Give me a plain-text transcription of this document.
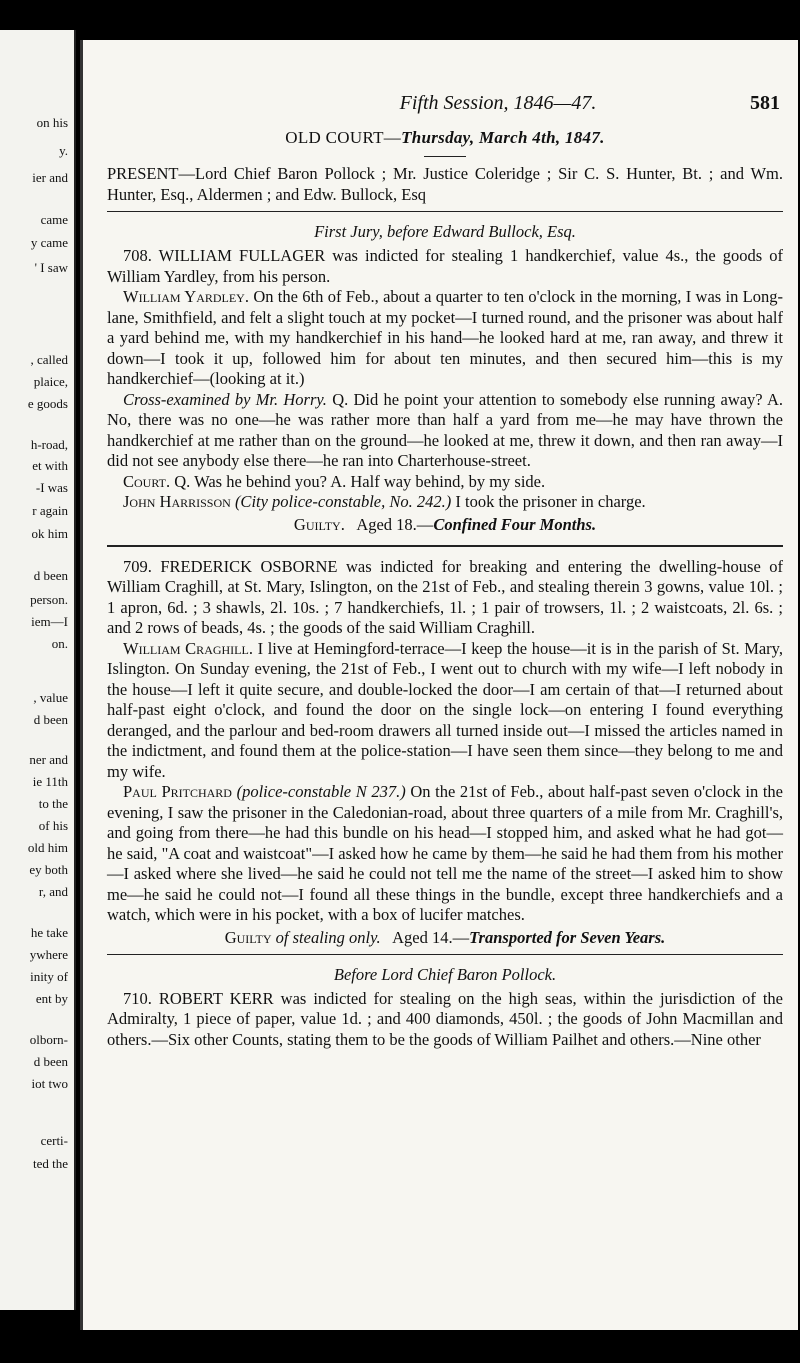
on his
y.
ier and
came
y came
' I saw
, called
plaice,
e goods
h-road,
et with
-I was
r again
ok him
d been
person.
iem—I
on.
, value
d been
ner and
ie 11th
to the
of his
old him
ey both
r, and
he take
ywhere
inity of
ent by
olborn-
d been
iot two
certi-
ted the
Fifth Session, 1846—47.	581
OLD COURT—Thursday, March 4th, 1847.

PRESENT—Lord Chief Baron Pollock ; Mr. Justice Coleridge ; Sir C. S. Hunter, Bt. ; and Wm. Hunter, Esq., Aldermen ; and Edw. Bullock, Esq

First Jury, before Edward Bullock, Esq.

708. WILLIAM FULLAGER was indicted for stealing 1 handkerchief, value 4s., the goods of William Yardley, from his person.

William Yardley. On the 6th of Feb., about a quarter to ten o'clock in the morning, I was in Long-lane, Smithfield, and felt a slight touch at my pocket—I turned round, and the prisoner was about half a yard behind me, with my handkerchief in his hand—he looked hard at me, ran away, and threw it down—I took it up, followed him for about ten minutes, and then secured him—this is my handkerchief—(looking at it.)

Cross-examined by Mr. Horry. Q. Did he point your attention to somebody else running away? A. No, there was no one—he was rather more than half a yard from me—he may have thrown the handkerchief at me rather than on the ground—he looked at me, threw it down, and then ran away—I did not see anybody else there—he ran into Charterhouse-street.

Court. Q. Was he behind you? A. Half way behind, by my side.

John Harrisson (City police-constable, No. 242.) I took the prisoner in charge.

Guilty. Aged 18.—Confined Four Months.

709. FREDERICK OSBORNE was indicted for breaking and entering the dwelling-house of William Craghill, at St. Mary, Islington, on the 21st of Feb., and stealing therein 3 gowns, value 10l. ; 1 apron, 6d. ; 3 shawls, 2l. 10s. ; 7 handkerchiefs, 1l. ; 1 pair of trowsers, 1l. ; 2 waistcoats, 2l. 6s. ; and 2 rows of beads, 4s. ; the goods of the said William Craghill.

William Craghill. I live at Hemingford-terrace—I keep the house—it is in the parish of St. Mary, Islington. On Sunday evening, the 21st of Feb., I went out to church with my wife—I left nobody in the house—I left it quite secure, and double-locked the door—I am certain of that—I returned about half-past eight o'clock, and found the door on the single lock—on entering I found everything deranged, and the parlour and bed-room drawers all turned inside out—I missed the articles named in the indictment, and found them at the police-station—I have seen them since—they belong to me and my wife.

Paul Pritchard (police-constable N 237.) On the 21st of Feb., about half-past seven o'clock in the evening, I saw the prisoner in the Caledonian-road, about three quarters of a mile from Mr. Craghill's, and going from there—he had this bundle on his head—I stopped him, and asked what he had got—he said, "A coat and waistcoat"—I asked how he came by them—he said he had them from his mother—I asked where she lived—he said he could not tell me the name of the street—I asked him to show me—he said he could not—I found all these things in the bundle, except three handkerchiefs and a watch, which were in his pocket, with a box of lucifer matches.

Guilty of stealing only. Aged 14.—Transported for Seven Years.
Before Lord Chief Baron Pollock.

710. ROBERT KERR was indicted for stealing on the high seas, within the jurisdiction of the Admiralty, 1 piece of paper, value 1d. ; and 400 diamonds, 450l. ; the goods of John Macmillan and others.—Six other Counts, stating them to be the goods of William Pailhet and others.—Nine other
